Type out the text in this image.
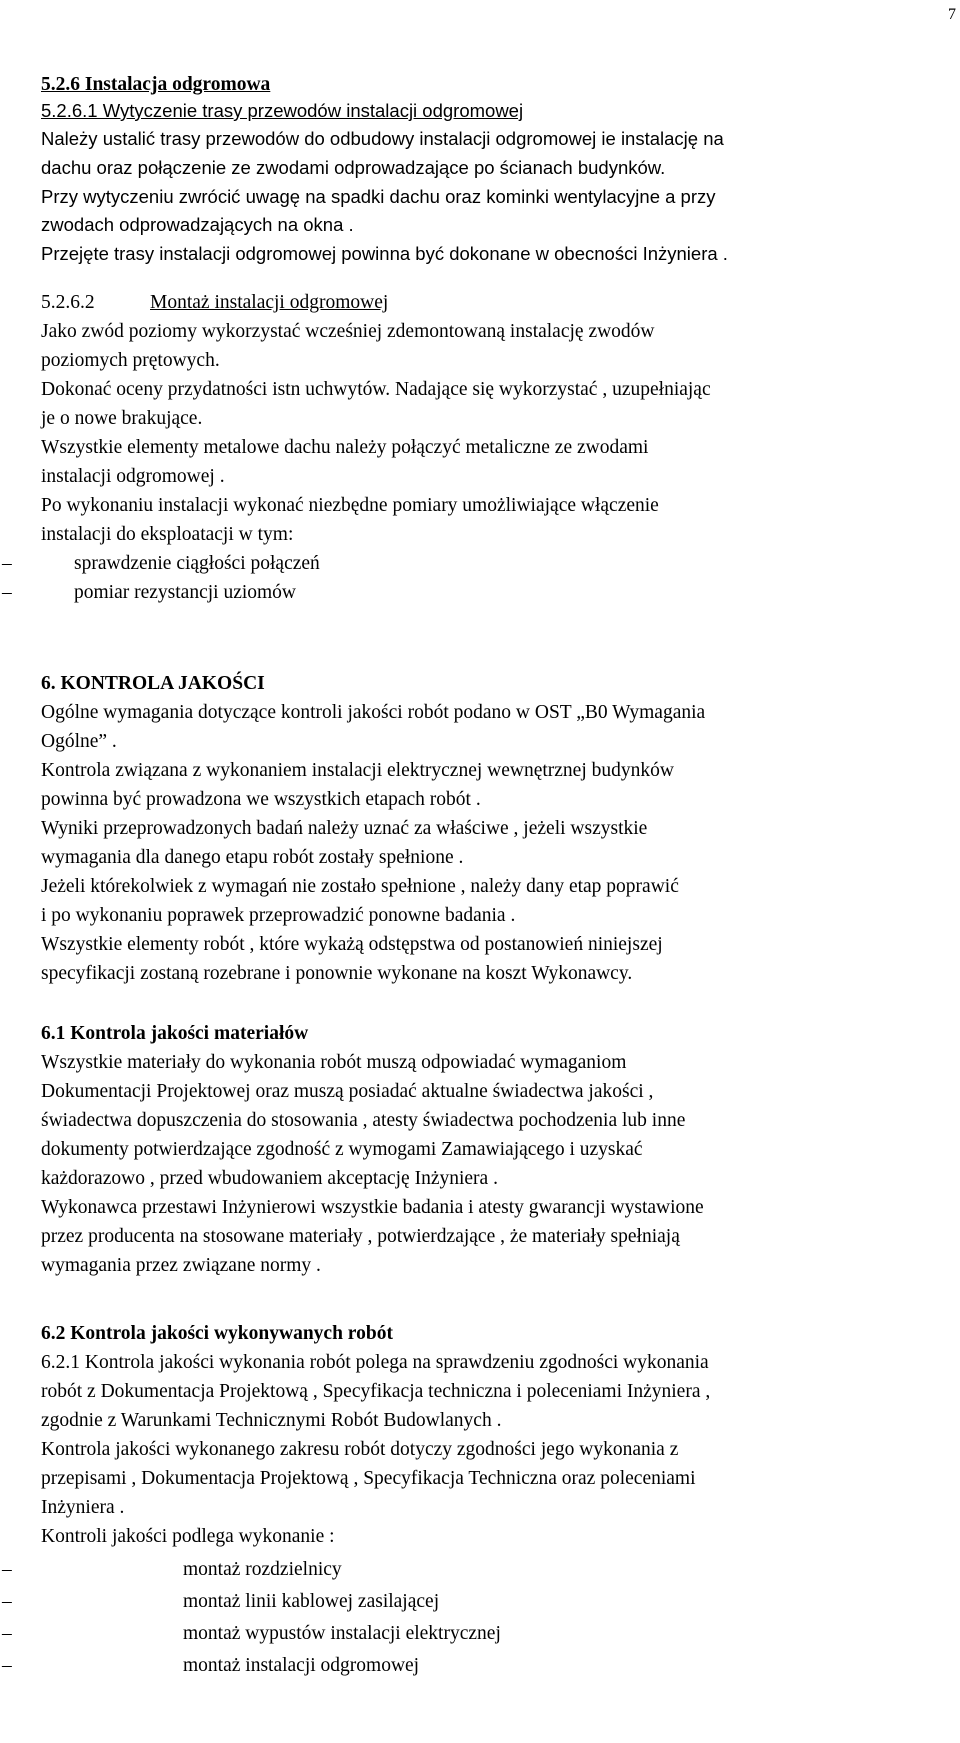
7
5.2.6 Instalacja odgromowa
5.2.6.1 Wytyczenie trasy przewodów instalacji odgromowej
Należy ustalić trasy przewodów do odbudowy instalacji odgromowej ie instalację na
dachu oraz połączenie ze zwodami odprowadzające po ścianach budynków.
Przy wytyczeniu zwrócić uwagę na spadki dachu oraz kominki wentylacyjne a przy
zwodach odprowadzających na okna .
Przejęte trasy instalacji odgromowej powinna być dokonane w obecności Inżyniera .
5.2.6.2	Montaż instalacji odgromowej
Jako zwód poziomy wykorzystać wcześniej zdemontowaną instalację zwodów
poziomych prętowych.
Dokonać oceny przydatności istn uchwytów. Nadające się wykorzystać , uzupełniając
je o nowe brakujące.
Wszystkie elementy metalowe dachu należy połączyć metaliczne ze zwodami
instalacji odgromowej .
Po wykonaniu instalacji wykonać niezbędne pomiary umożliwiające włączenie
instalacji do eksploatacji w tym:
–	sprawdzenie ciągłości połączeń
–	pomiar rezystancji uziomów
6. KONTROLA JAKOŚCI
Ogólne wymagania dotyczące kontroli jakości robót podano w OST „B0 Wymagania
Ogólne” .
Kontrola związana z wykonaniem instalacji elektrycznej wewnętrznej budynków
powinna być prowadzona we wszystkich etapach robót .
Wyniki przeprowadzonych badań należy uznać za właściwe , jeżeli wszystkie
wymagania dla danego etapu robót zostały spełnione .
Jeżeli którekolwiek z wymagań nie zostało spełnione , należy dany etap poprawić
i po wykonaniu poprawek przeprowadzić ponowne badania .
Wszystkie elementy robót , które wykażą odstępstwa od postanowień niniejszej
specyfikacji zostaną rozebrane i ponownie wykonane na koszt Wykonawcy.
6.1 Kontrola jakości materiałów
Wszystkie materiały do wykonania robót muszą odpowiadać wymaganiom
Dokumentacji Projektowej oraz muszą posiadać aktualne świadectwa jakości ,
świadectwa dopuszczenia do stosowania , atesty świadectwa pochodzenia lub inne
dokumenty potwierdzające zgodność z wymogami Zamawiającego i uzyskać
każdorazowo , przed wbudowaniem akceptację Inżyniera .
Wykonawca przestawi Inżynierowi wszystkie badania i atesty gwarancji wystawione
przez producenta na stosowane materiały , potwierdzające , że materiały spełniają
wymagania przez związane normy .
6.2 Kontrola jakości wykonywanych robót
6.2.1 Kontrola jakości wykonania robót polega na sprawdzeniu zgodności wykonania
robót z Dokumentacja Projektową , Specyfikacja techniczna i poleceniami Inżyniera ,
zgodnie z Warunkami Technicznymi Robót Budowlanych .
Kontrola jakości wykonanego zakresu robót dotyczy zgodności jego wykonania z
przepisami , Dokumentacja Projektową , Specyfikacja Techniczna oraz poleceniami
Inżyniera .
Kontroli jakości podlega wykonanie :
–	montaż rozdzielnicy
–	montaż linii kablowej zasilającej
–	montaż wypustów instalacji elektrycznej
–	montaż instalacji odgromowej
